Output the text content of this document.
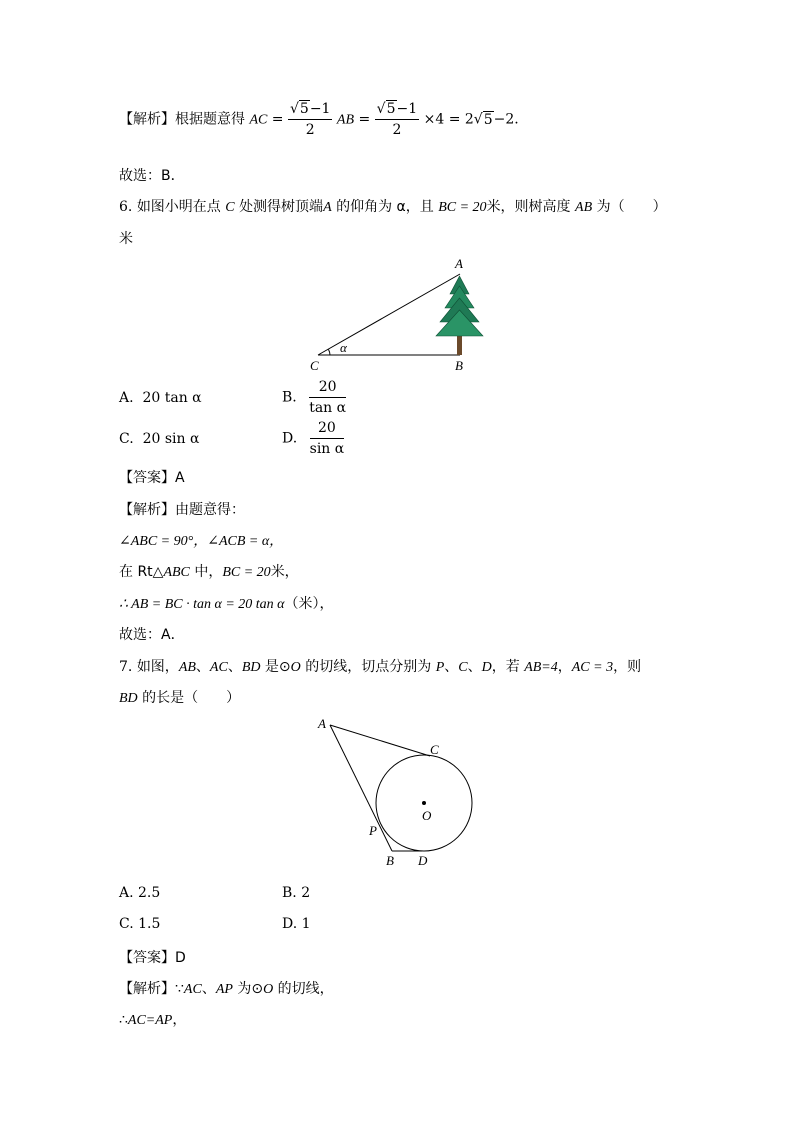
【解析】根据题意得 AC = $\frac{√5-1}{2}$ AB = $\frac{√5-1}{2} \times 4 = 2√5-2$.
故选：B．
6. 如图小明在点 C 处测得树顶端A 的仰角为 α，且 BC = 20米，则树高度 AB 为（　　）
米
A
C	B
α
A. 20 tan α	B. $\frac{20}{\text{tan α}}$
C. 20 sin α	D. $\frac{20}{\text{sin α}}$
【答案】A
【解析】由题意得：
∠ABC = 90°，∠ACB = α，
在 Rt△ABC 中，BC = 20米，
∴ AB = BC · tan α = 20 tan α（米），
故选：A．
7. 如图，AB、AC、BD 是⊙O 的切线，切点分别为 P、C、D，若 AB=4，AC = 3，则
BD 的长是（　　）
A
C
O
P
B D
A. 2.5	B. 2
C. 1.5	D. 1
【答案】D
【解析】∵AC、AP 为⊙O 的切线，
∴AC=AP，
